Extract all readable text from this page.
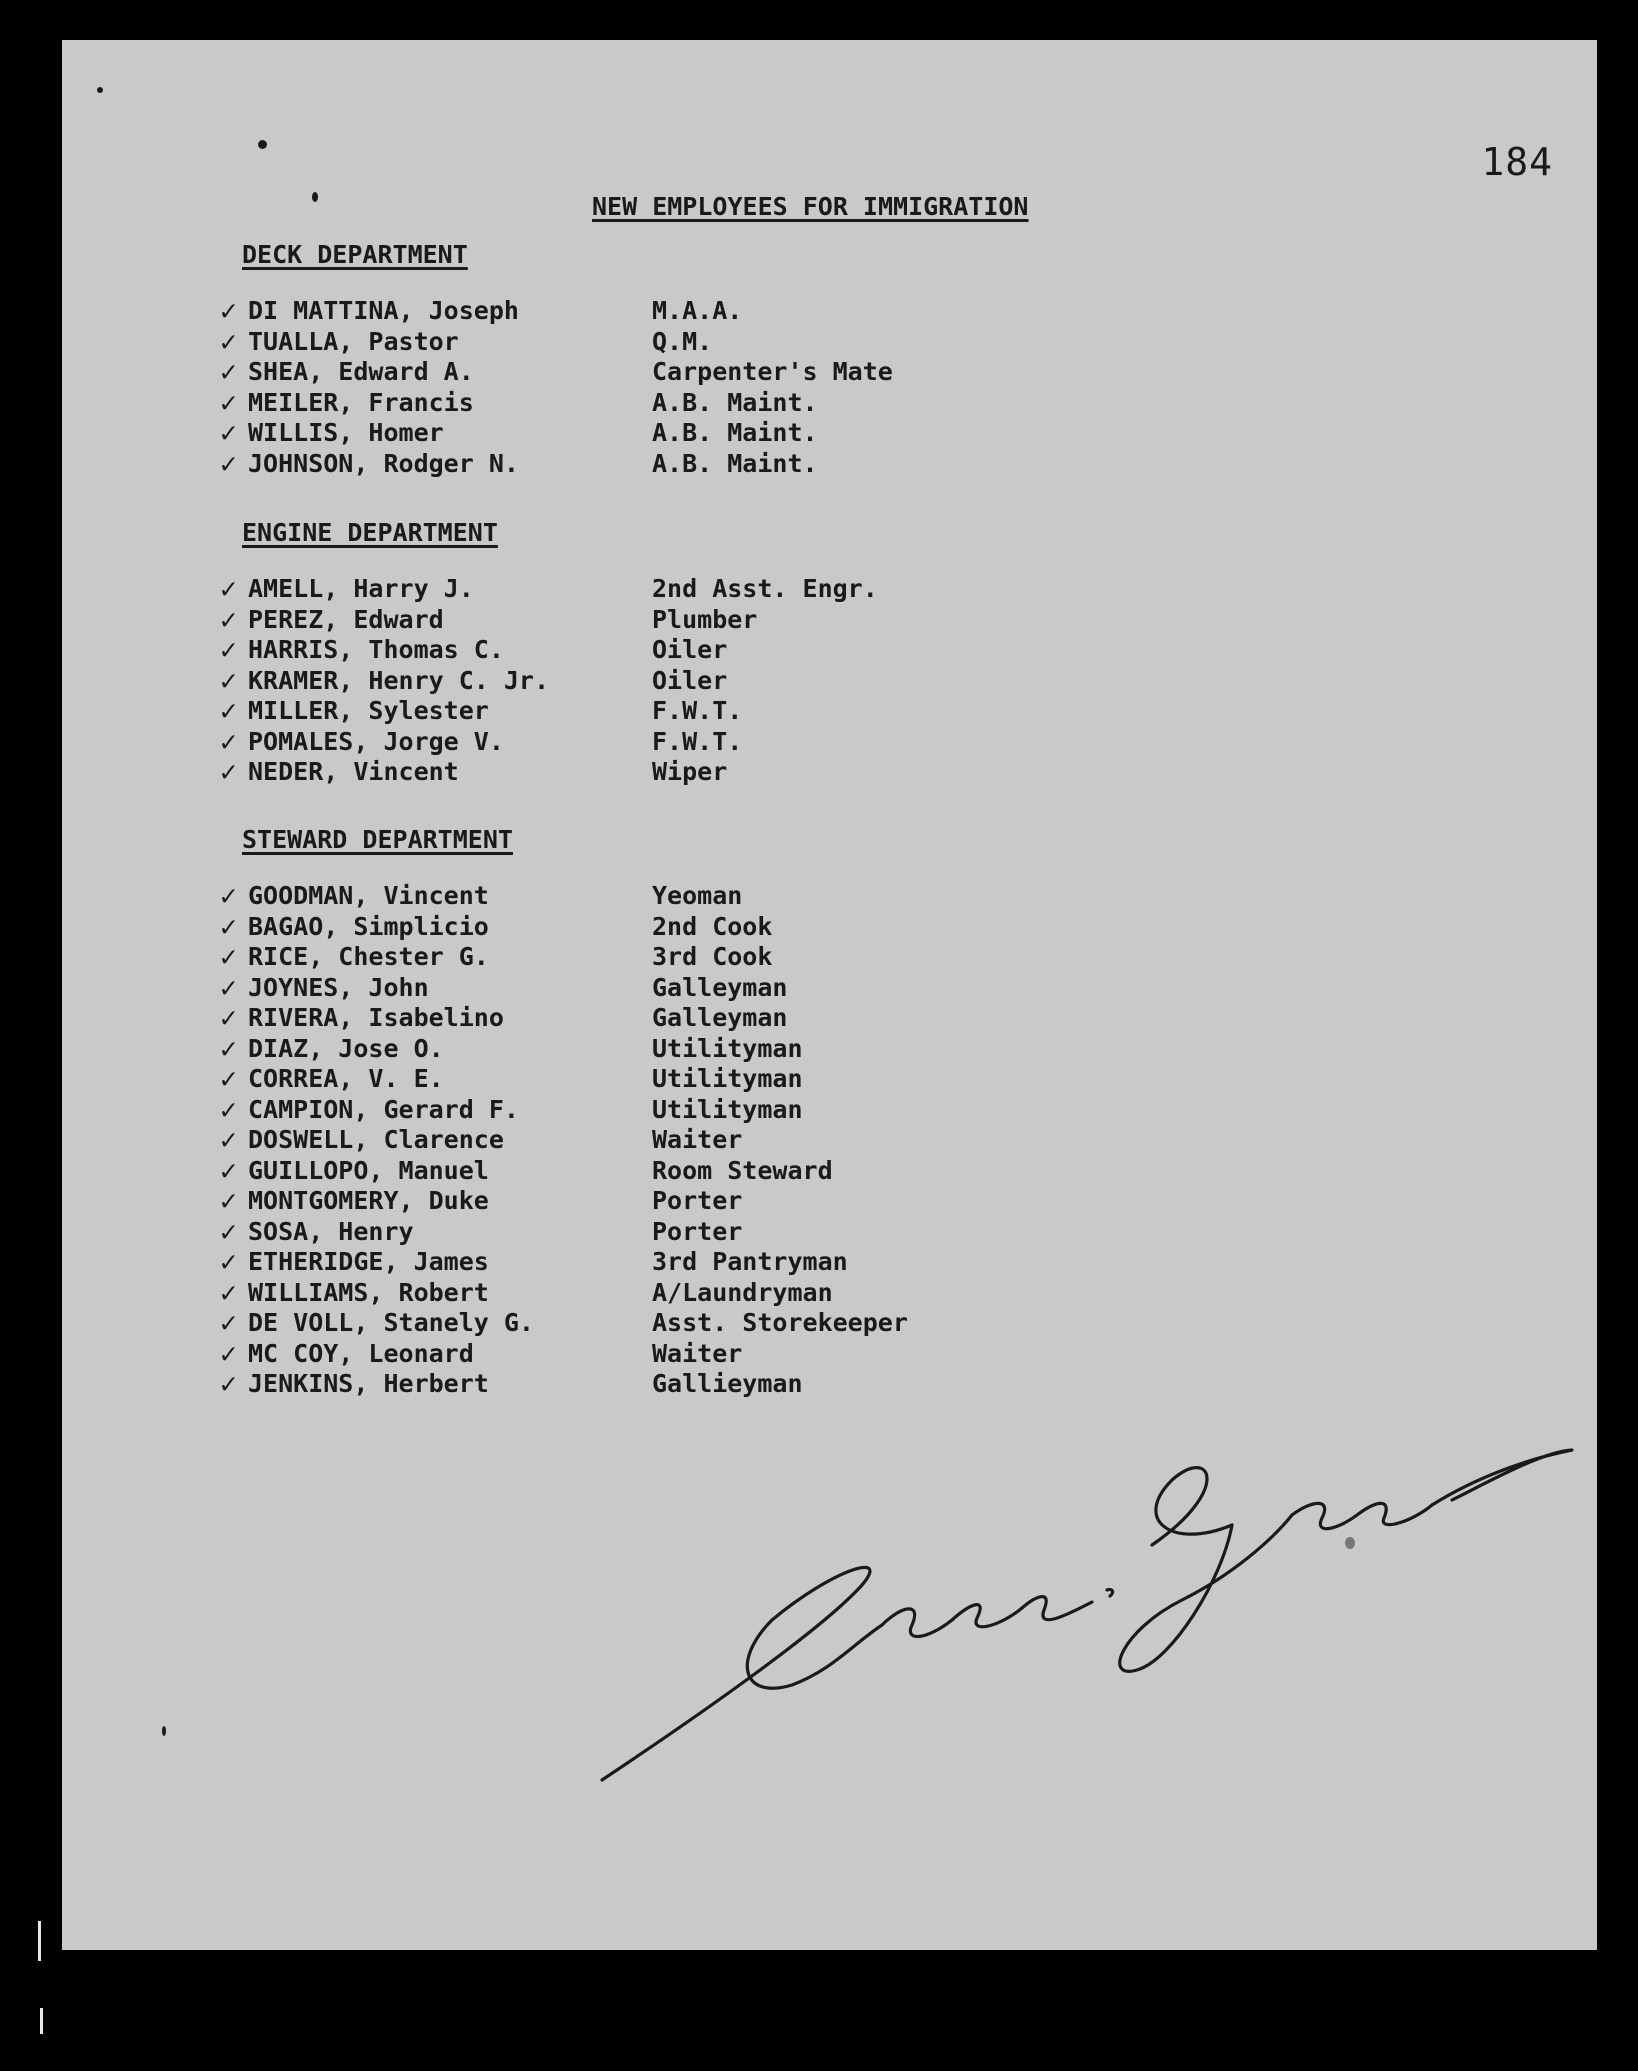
184
NEW EMPLOYEES FOR IMMIGRATION
DECK DEPARTMENT
✓ DI MATTINA, Joseph	M.A.A.
✓ TUALLA, Pastor	Q.M.
✓ SHEA, Edward A.	Carpenter's Mate
✓ MEILER, Francis	A.B. Maint.
✓ WILLIS, Homer	A.B. Maint.
✓ JOHNSON, Rodger N.	A.B. Maint.
ENGINE DEPARTMENT
✓ AMELL, Harry J.	2nd Asst. Engr.
✓ PEREZ, Edward	Plumber
✓ HARRIS, Thomas C.	Oiler
✓ KRAMER, Henry C. Jr.	Oiler
✓ MILLER, Sylester	F.W.T.
✓ POMALES, Jorge V.	F.W.T.
✓ NEDER, Vincent	Wiper
STEWARD DEPARTMENT
✓ GOODMAN, Vincent	Yeoman
✓ BAGAO, Simplicio	2nd Cook
✓ RICE, Chester G.	3rd Cook
✓ JOYNES, John	Galleyman
✓ RIVERA, Isabelino	Galleyman
✓ DIAZ, Jose O.	Utilityman
✓ CORREA, V. E.	Utilityman
✓ CAMPION, Gerard F.	Utilityman
✓ DOSWELL, Clarence	Waiter
✓ GUILLOPO, Manuel	Room Steward
✓ MONTGOMERY, Duke	Porter
✓ SOSA, Henry	Porter
✓ ETHERIDGE, James	3rd Pantryman
✓ WILLIAMS, Robert	A/Laundryman
✓ DE VOLL, Stanely G.	Asst. Storekeeper
✓ MC COY, Leonard	Waiter
✓ JENKINS, Herbert	Gallieyman
